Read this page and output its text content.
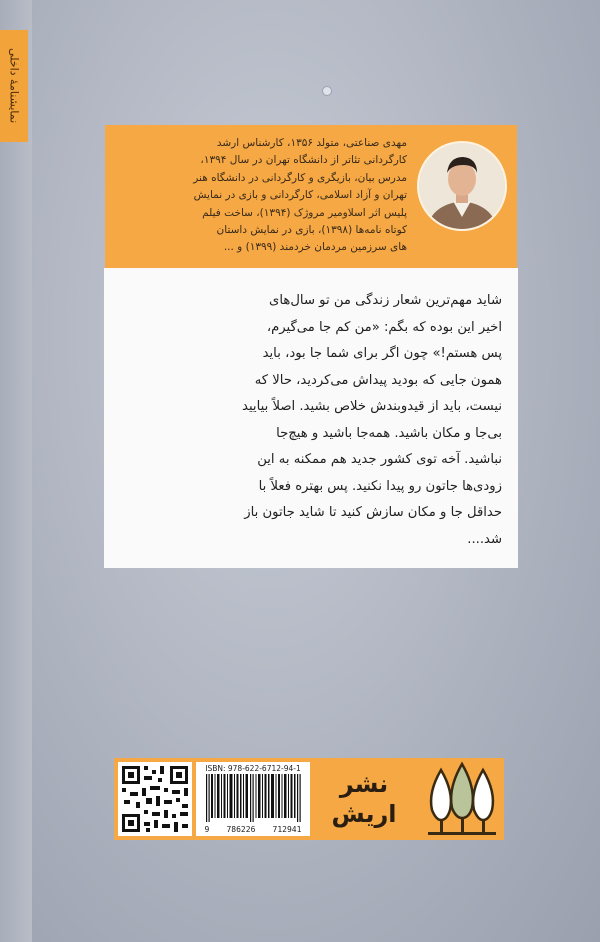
نمایشنامهٔ داخلی
مهدی صناعتی، متولد ۱۳۵۶، کارشناس ارشد
کارگردانی تئاتر از دانشگاه تهران در سال ۱۳۹۴،
مدرس بیان، بازیگری و کارگردانی در دانشگاه هنر
تهران و آزاد اسلامی، کارگردانی و بازی در نمایش
پلیس اثر اسلاومیر مروژک (۱۳۹۴)، ساخت فیلم
کوتاه نامه‌ها (۱۳۹۸)، بازی در نمایش داستان
های سرزمین مردمان خردمند (۱۳۹۹) و ...
شاید مهم‌ترین شعار زندگی من تو سال‌های
اخیر این بوده که بگم: «من کم جا می‌گیرم،
پس هستم!» چون اگر برای شما جا بود، باید
همون جایی که بودید پیداش می‌کردید، حالا که
نیست، باید از قیدوبندش خلاص بشید. اصلاً بیایید
بی‌جا و مکان باشید. همه‌جا باشید و هیچ‌جا
نباشید. آخه توی کشور جدید هم ممکنه به این
زودی‌ها جاتون رو پیدا نکنید. پس بهتره فعلاً با
حداقل جا و مکان سازش کنید تا شاید جاتون باز
شد....
ISBN: 978-622-6712-94-1
9 786226 712941
نشر
اریش
